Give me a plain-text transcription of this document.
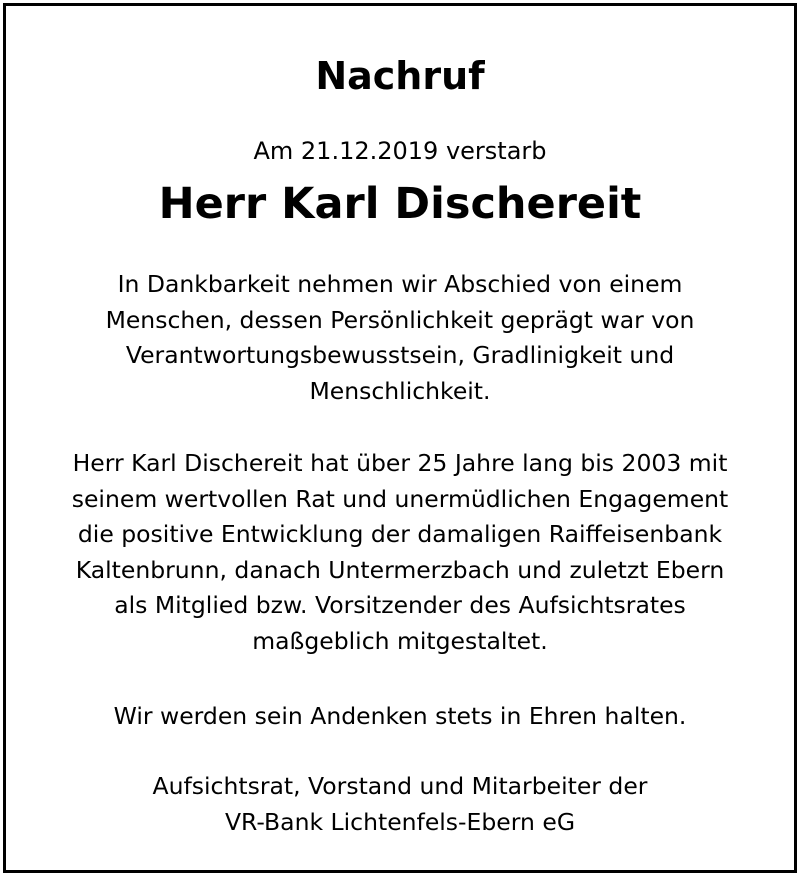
Nachruf
Am 21.12.2019 verstarb
Herr Karl Dischereit
In Dankbarkeit nehmen wir Abschied von einem
Menschen, dessen Persönlichkeit geprägt war von
Verantwortungsbewusstsein, Gradlinigkeit und
Menschlichkeit.
Herr Karl Dischereit hat über 25 Jahre lang bis 2003 mit
seinem wertvollen Rat und unermüdlichen Engagement
die positive Entwicklung der damaligen Raiffeisenbank
Kaltenbrunn, danach Untermerzbach und zuletzt Ebern
als Mitglied bzw. Vorsitzender des Aufsichtsrates
maßgeblich mitgestaltet.
Wir werden sein Andenken stets in Ehren halten.
Aufsichtsrat, Vorstand und Mitarbeiter der
VR-Bank Lichtenfels-Ebern eG
